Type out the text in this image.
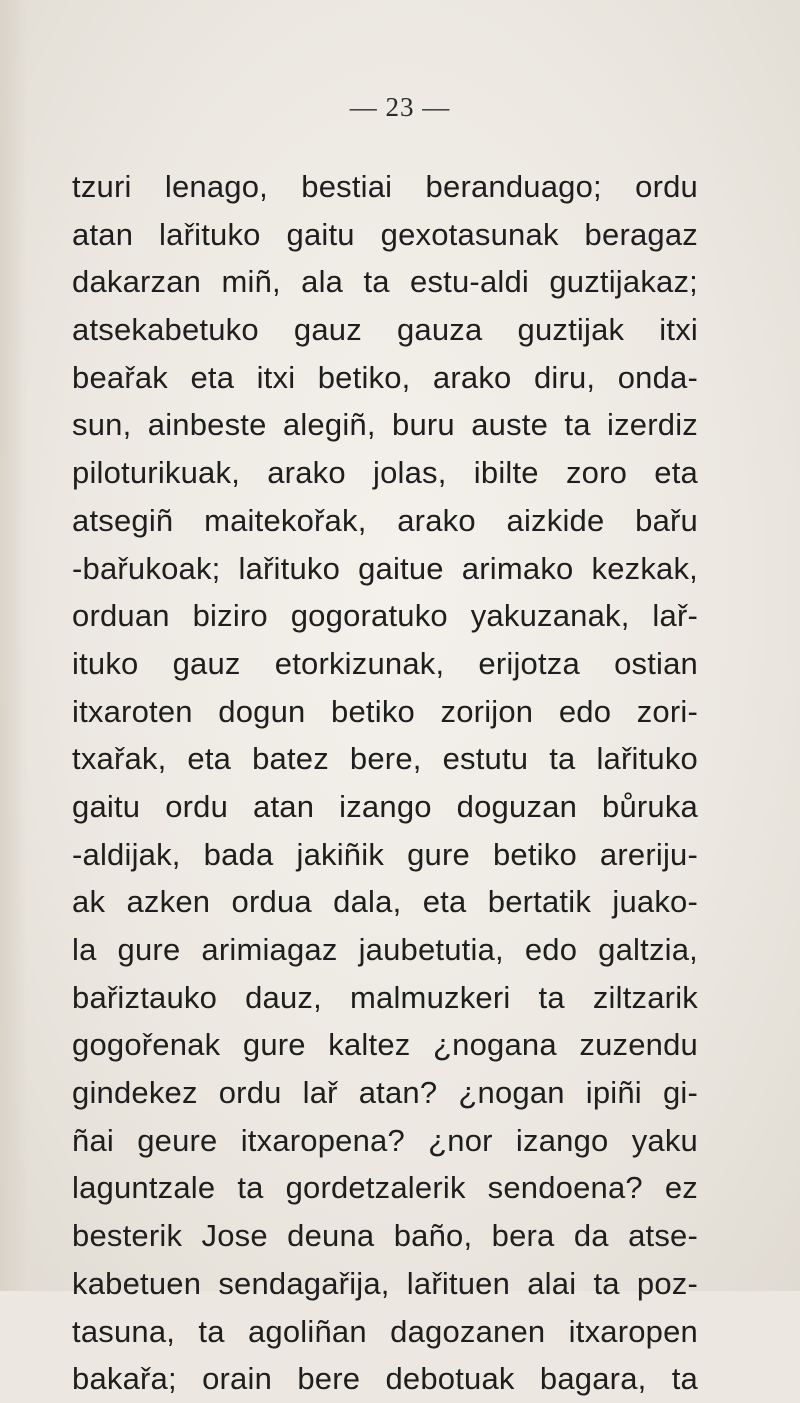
— 23 —
tzuri lenago, bestiai beranduago; ordu
atan lařituko gaitu gexotasunak beragaz
dakarzan miñ, ala ta estu-aldi guztijakaz;
atsekabetuko gauz gauza guztijak itxi
beařak eta itxi betiko, arako diru, onda-
sun, ainbeste alegiñ, buru auste ta izerdiz
piloturikuak, arako jolas, ibilte zoro eta
atsegiñ maitekořak, arako aizkide bařu
-bařukoak; lařituko gaitue arimako kezkak,
orduan biziro gogoratuko yakuzanak, lař-
ituko gauz etorkizunak, erijotza ostian
itxaroten dogun betiko zorijon edo zori-
txařak, eta batez bere, estutu ta lařituko
gaitu ordu atan izango doguzan bůruka
-aldijak, bada jakiñik gure betiko areriju-
ak azken ordua dala, eta bertatik juako-
la gure arimiagaz jaubetutia, edo galtzia,
bařiztauko dauz, malmuzkeri ta ziltzarik
gogořenak gure kaltez ¿nogana zuzendu
gindekez ordu lař atan? ¿nogan ipiñi gi-
ñai geure itxaropena? ¿nor izango yaku
laguntzale ta gordetzalerik sendoena? ez
besterik Jose deuna baño, bera da atse-
kabetuen sendagařija, lařituen alai ta poz-
tasuna, ta agoliñan dagozanen itxaropen
bakařa; orain bere debotuak bagara, ta
